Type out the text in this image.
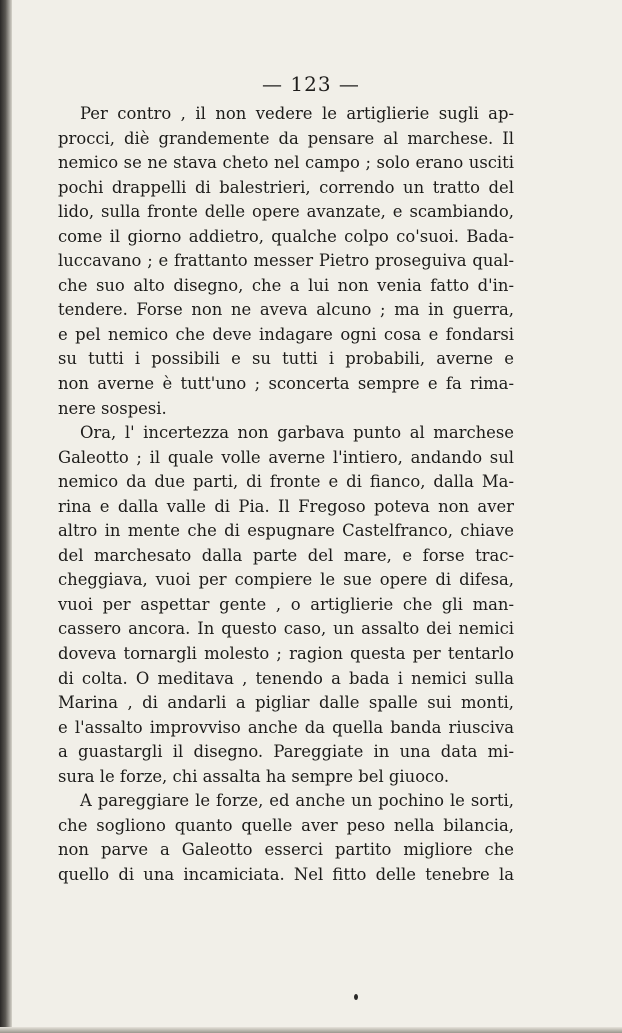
— 123 —
Per contro , il non vedere le artiglierie sugli ap-
procci, diè grandemente da pensare al marchese. Il
nemico se ne stava cheto nel campo ; solo erano usciti
pochi drappelli di balestrieri, correndo un tratto del
lido, sulla fronte delle opere avanzate, e scambiando,
come il giorno addietro, qualche colpo co'suoi. Bada-
luccavano ; e frattanto messer Pietro proseguiva qual-
che suo alto disegno, che a lui non venia fatto d'in-
tendere. Forse non ne aveva alcuno ; ma in guerra,
e pel nemico che deve indagare ogni cosa e fondarsi
su tutti i possibili e su tutti i probabili, averne e
non averne è tutt'uno ; sconcerta sempre e fa rima-
nere sospesi.
Ora, l' incertezza non garbava punto al marchese
Galeotto ; il quale volle averne l'intiero, andando sul
nemico da due parti, di fronte e di fianco, dalla Ma-
rina e dalla valle di Pia. Il Fregoso poteva non aver
altro in mente che di espugnare Castelfranco, chiave
del marchesato dalla parte del mare, e forse trac-
cheggiava, vuoi per compiere le sue opere di difesa,
vuoi per aspettar gente , o artiglierie che gli man-
cassero ancora. In questo caso, un assalto dei nemici
doveva tornargli molesto ; ragion questa per tentarlo
di colta. O meditava , tenendo a bada i nemici sulla
Marina , di andarli a pigliar dalle spalle sui monti,
e l'assalto improvviso anche da quella banda riusciva
a guastargli il disegno. Pareggiate in una data mi-
sura le forze, chi assalta ha sempre bel giuoco.
A pareggiare le forze, ed anche un pochino le sorti,
che sogliono quanto quelle aver peso nella bilancia,
non parve a Galeotto esserci partito migliore che
quello di una incamiciata. Nel fitto delle tenebre la
